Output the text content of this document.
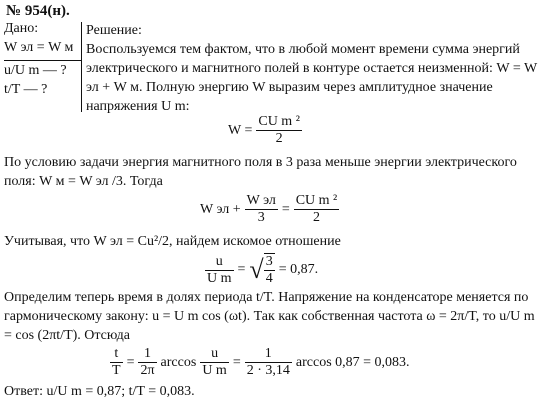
№ 954(н).
Дано:
W эл = W м
u/U m — ?
t/T — ?
Решение:
Воспользуемся тем фактом, что в любой момент времени сумма энергий электрического и магнитного полей в контуре остается неизменной: W = W эл + W м. Полную энергию W выразим через амплитудное значение напряжения U m:
$W = \frac{\text{CU m ²}}{2}$
По условию задачи энергия магнитного поля в 3 раза меньше энергии электрического поля: W м = W эл /3. Тогда
W эл + $\frac{\text{W эл}}{3} = \frac{\text{CU m ²}}{2}$
Учитывая, что W эл = Cu²/2, найдем искомое отношение
$\frac{u}{\text{U m}}$ = √ $\frac{3}{4} = 0,87$.
Определим теперь время в долях периода t/T. Напряжение на конденсаторе меняется по гармоническому закону: u = U m cos (ωt). Так как собственная частота ω = 2π/T, то u/U m = cos (2πt/T). Отсюда
$\frac{t}{T} = \frac{1}{2\pi}$ $\arccos \frac{u}{\text{U m}} = \frac{1}{2 \cdot 3,14}$ arccos 0,87 = 0,083.
Ответ: u/U m = 0,87; t/T = 0,083.
